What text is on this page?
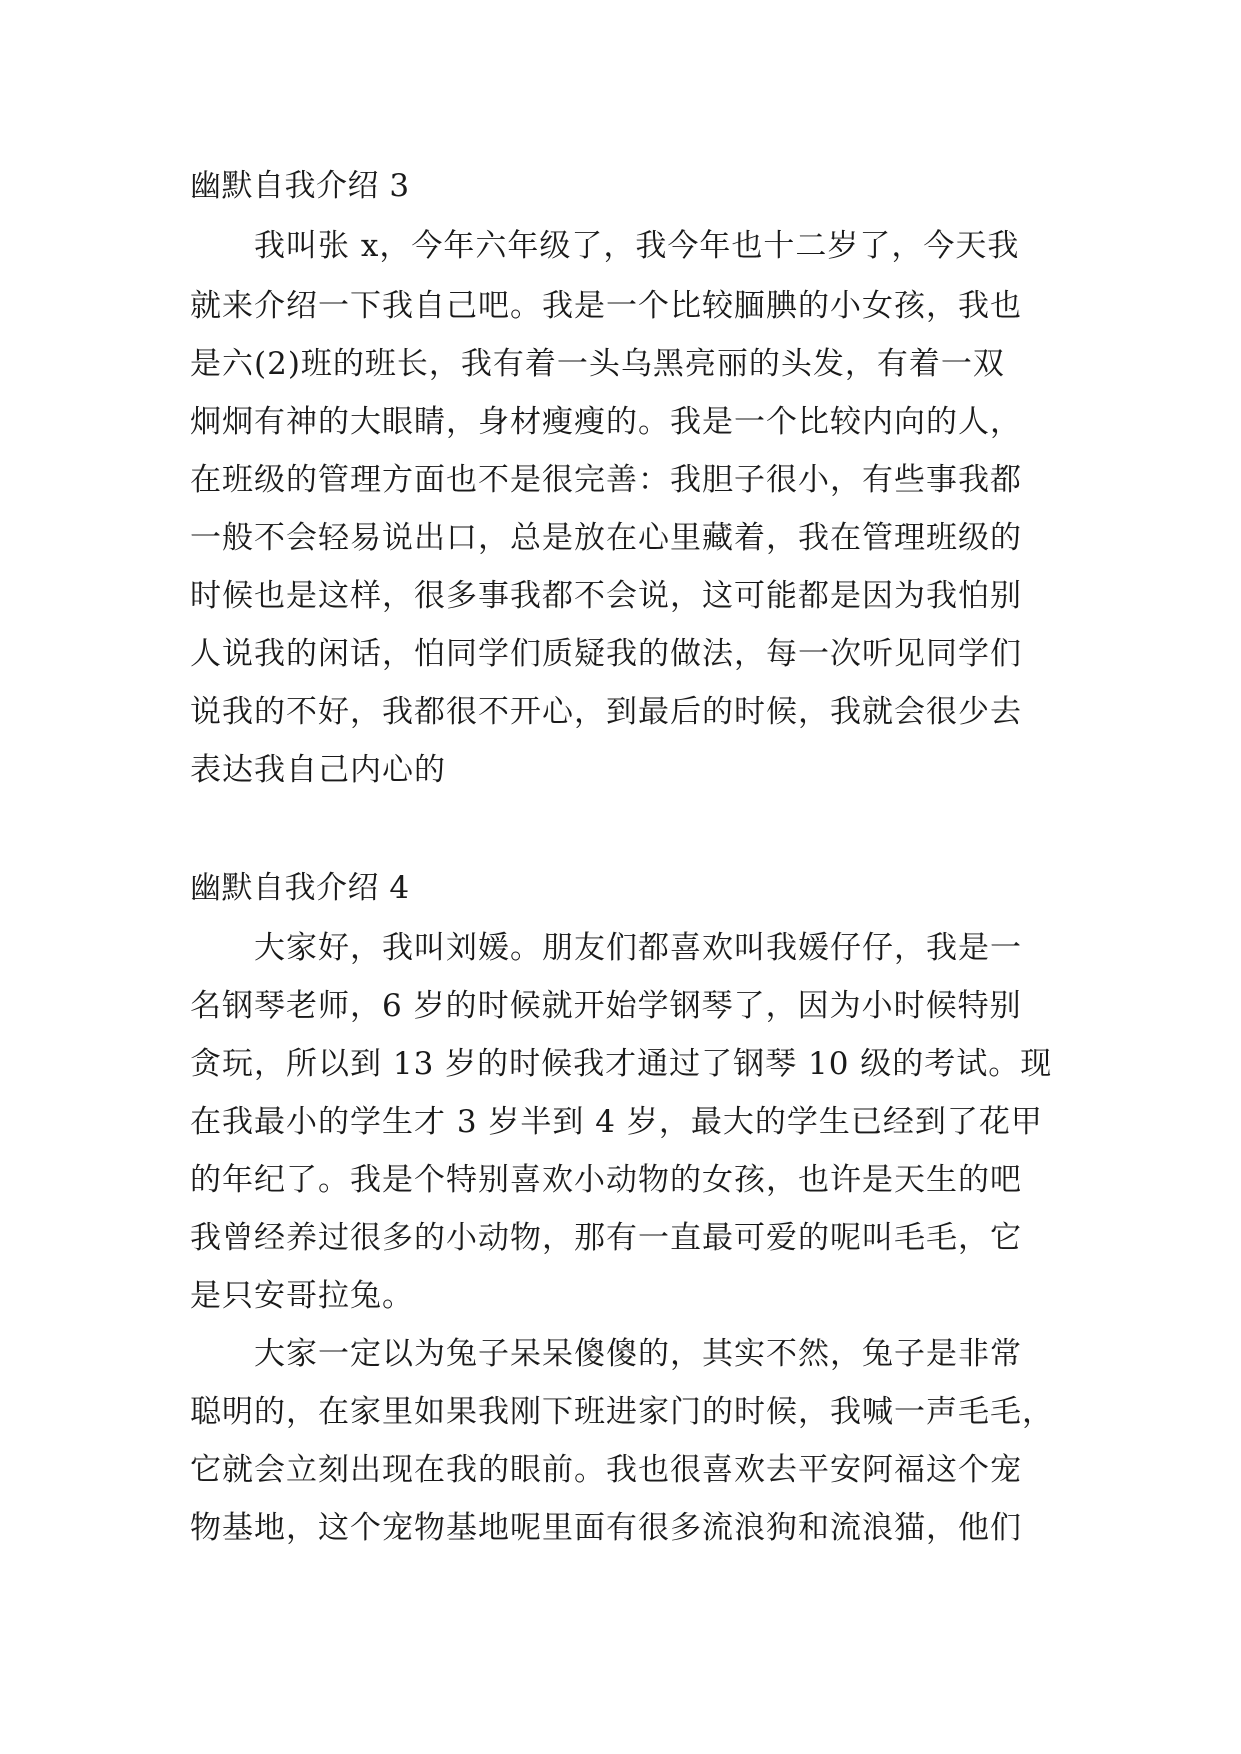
幽默自我介绍 3
我叫张 x，今年六年级了，我今年也十二岁了，今天我
就来介绍一下我自己吧。我是一个比较腼腆的小女孩，我也
是六(2)班的班长，我有着一头乌黑亮丽的头发，有着一双
炯炯有神的大眼睛，身材瘦瘦的。我是一个比较内向的人，
在班级的管理方面也不是很完善：我胆子很小，有些事我都
一般不会轻易说出口，总是放在心里藏着，我在管理班级的
时候也是这样，很多事我都不会说，这可能都是因为我怕别
人说我的闲话，怕同学们质疑我的做法，每一次听见同学们
说我的不好，我都很不开心，到最后的时候，我就会很少去
表达我自己内心的
幽默自我介绍 4
大家好，我叫刘媛。朋友们都喜欢叫我媛仔仔，我是一
名钢琴老师，6 岁的时候就开始学钢琴了，因为小时候特别
贪玩，所以到 13 岁的时候我才通过了钢琴 10 级的考试。现
在我最小的学生才 3 岁半到 4 岁，最大的学生已经到了花甲
的年纪了。我是个特别喜欢小动物的女孩，也许是天生的吧
我曾经养过很多的小动物，那有一直最可爱的呢叫毛毛，它
是只安哥拉兔。
大家一定以为兔子呆呆傻傻的，其实不然，兔子是非常
聪明的，在家里如果我刚下班进家门的时候，我喊一声毛毛，
它就会立刻出现在我的眼前。我也很喜欢去平安阿福这个宠
物基地，这个宠物基地呢里面有很多流浪狗和流浪猫，他们
